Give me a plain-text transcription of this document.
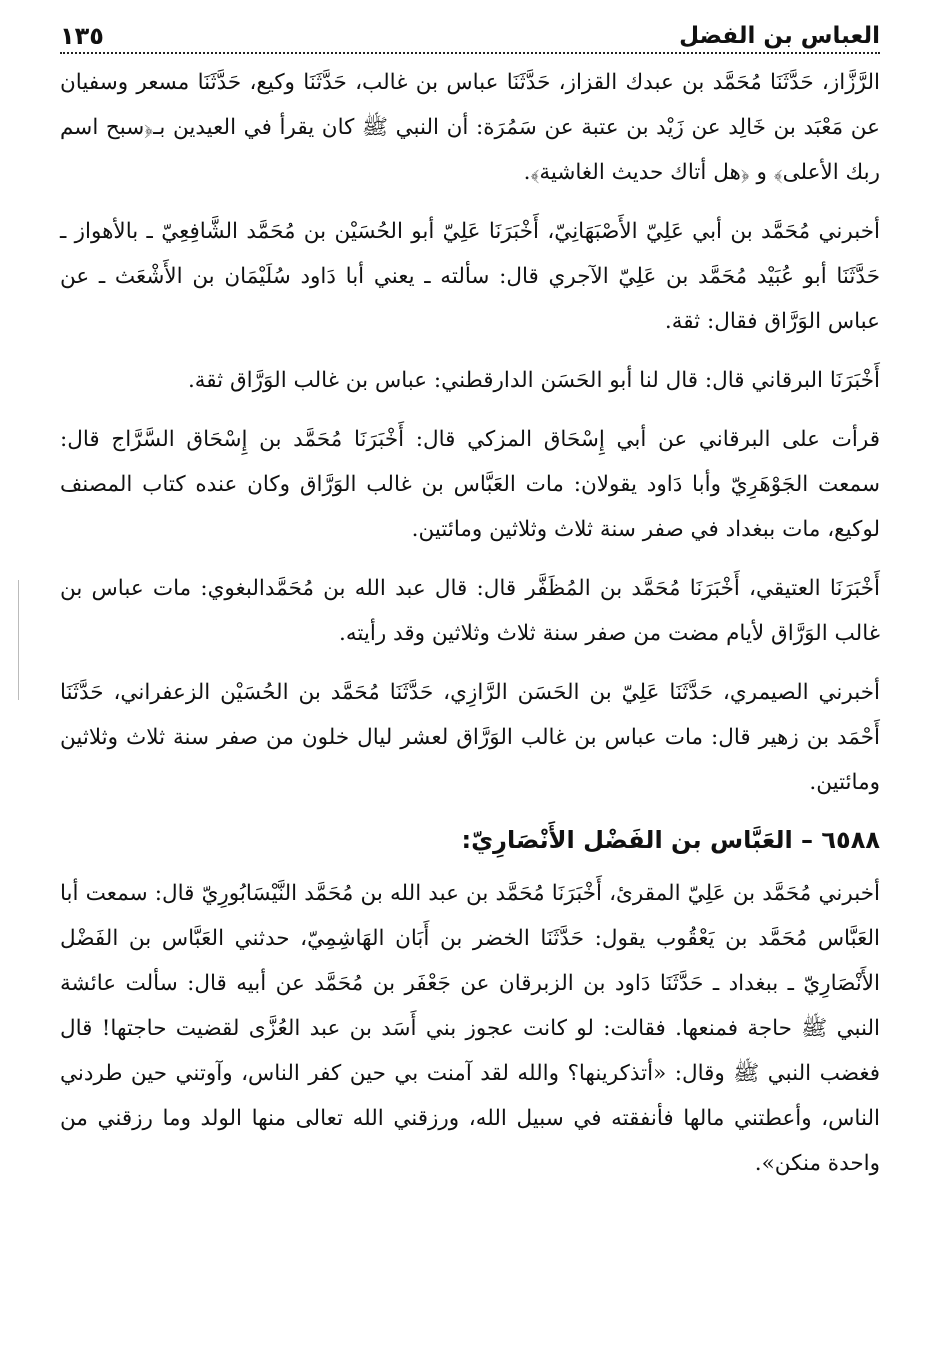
العباس بن الفضل
١٣٥

الرَّزَّاز، حَدَّثَنَا مُحَمَّد بن عبدك القزاز، حَدَّثَنَا عباس بن غالب، حَدَّثَنَا وكيع، حَدَّثَنَا مسعر وسفيان عن مَعْبَد بن خَالِد عن زَيْد بن عتبة عن سَمُرَة: أن النبي ﷺ كان يقرأ في العيدين بـ﴿سبح اسم ربك الأعلى﴾ و ﴿هل أتاك حديث الغاشية﴾.

أخبرني مُحَمَّد بن أبي عَلِيّ الأَصْبَهَانِيّ، أَخْبَرَنَا عَلِيّ أبو الحُسَيْن بن مُحَمَّد الشَّافِعِيّ ـ بالأهواز ـ حَدَّثَنَا أبو عُبَيْد مُحَمَّد بن عَلِيّ الآجري قال: سألته ـ يعني أبا دَاود سُلَيْمَان بن الأَشْعَث ـ عن عباس الوَرَّاق فقال: ثقة.

أَخْبَرَنَا البرقاني قال: قال لنا أبو الحَسَن الدارقطني: عباس بن غالب الوَرَّاق ثقة.

قرأت على البرقاني عن أبي إِسْحَاق المزكي قال: أَخْبَرَنَا مُحَمَّد بن إِسْحَاق السَّرَّاج قال: سمعت الجَوْهَرِيّ وأبا دَاود يقولان: مات العَبَّاس بن غالب الوَرَّاق وكان عنده كتاب المصنف لوكيع، مات ببغداد في صفر سنة ثلاث وثلاثين ومائتين.

أَخْبَرَنَا العتيقي، أَخْبَرَنَا مُحَمَّد بن المُظَفَّر قال: قال عبد الله بن مُحَمَّدالبغوي: مات عباس بن غالب الوَرَّاق لأيام مضت من صفر سنة ثلاث وثلاثين وقد رأيته.

أخبرني الصيمري، حَدَّثَنَا عَلِيّ بن الحَسَن الرَّازِي، حَدَّثَنَا مُحَمَّد بن الحُسَيْن الزعفراني، حَدَّثَنَا أَحْمَد بن زهير قال: مات عباس بن غالب الوَرَّاق لعشر ليال خلون من صفر سنة ثلاث وثلاثين ومائتين.

٦٥٨٨ – العَبَّاس بن الفَضْل الأَنْصَارِيّ:

أخبرني مُحَمَّد بن عَلِيّ المقرئ، أَخْبَرَنَا مُحَمَّد بن عبد الله بن مُحَمَّد النَّيْسَابُورِيّ قال: سمعت أبا العَبَّاس مُحَمَّد بن يَعْقُوب يقول: حَدَّثَنَا الخضر بن أَبَان الهَاشِمِيّ، حدثني العَبَّاس بن الفَضْل الأَنْصَارِيّ ـ ببغداد ـ حَدَّثَنَا دَاود بن الزبرقان عن جَعْفَر بن مُحَمَّد عن أبيه قال: سألت عائشة النبي ﷺ حاجة فمنعها. فقالت: لو كانت عجوز بني أَسَد بن عبد العُزَّى لقضيت حاجتها! قال فغضب النبي ﷺ وقال: «أتذكرينها؟ والله لقد آمنت بي حين كفر الناس، وآوتني حين طردني الناس، وأعطتني مالها فأنفقته في سبيل الله، ورزقني الله تعالى منها الولد وما رزقني من واحدة منكن».
